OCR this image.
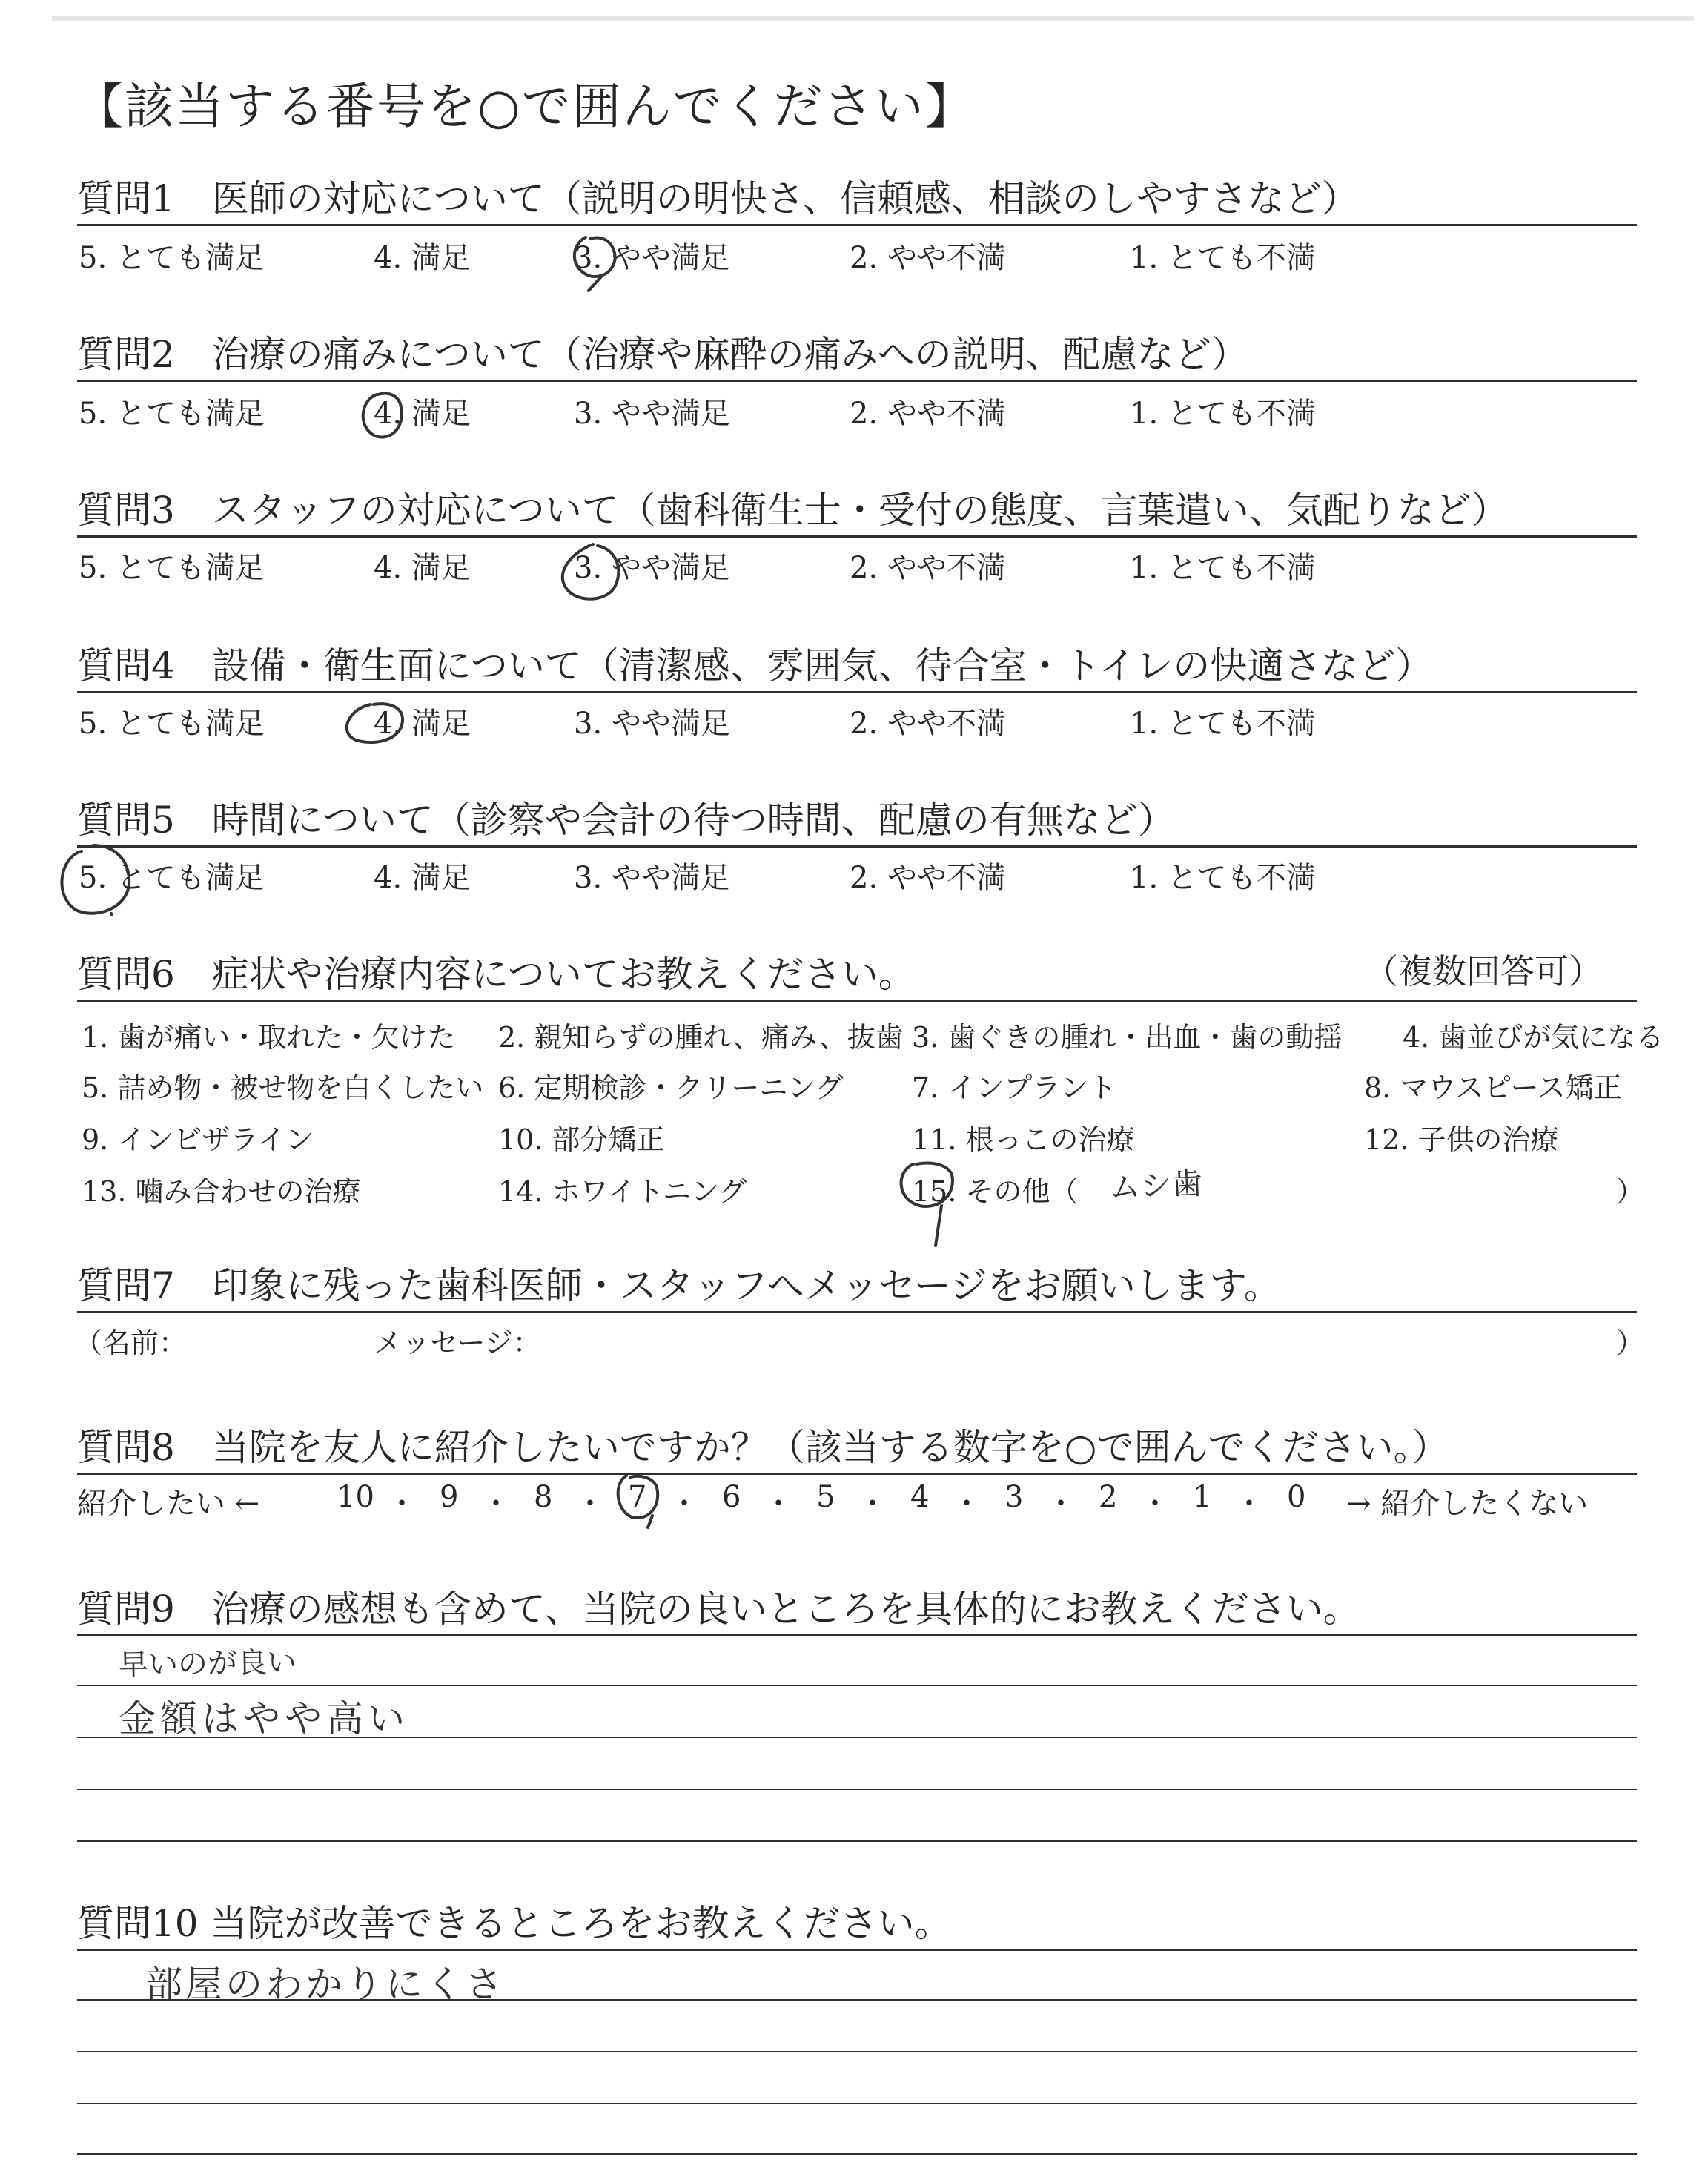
【該当する番号を○で囲んでください】
質問1　医師の対応について（説明の明快さ、信頼感、相談のしやすさなど）
5. とても満足	4. 満足	3. やや満足	2. やや不満	1. とても不満
質問2　治療の痛みについて（治療や麻酔の痛みへの説明、配慮など）
5. とても満足	4. 満足	3. やや満足	2. やや不満	1. とても不満
質問3　スタッフの対応について（歯科衛生士・受付の態度、言葉遣い、気配りなど）
5. とても満足	4. 満足	3. やや満足	2. やや不満	1. とても不満
質問4　設備・衛生面について（清潔感、雰囲気、待合室・トイレの快適さなど）
5. とても満足	4. 満足	3. やや満足	2. やや不満	1. とても不満
質問5　時間について（診察や会計の待つ時間、配慮の有無など）
5. とても満足	4. 満足	3. やや満足	2. やや不満	1. とても不満
質問6　症状や治療内容についてお教えください。	（複数回答可）
1. 歯が痛い・取れた・欠けた 2. 親知らずの腫れ、痛み、抜歯 3. 歯ぐきの腫れ・出血・歯の動揺 4. 歯並びが気になる
5. 詰め物・被せ物を白くしたい 6. 定期検診・クリーニング 7. インプラント	8. マウスピース矯正
9. インビザライン	10. 部分矯正	11. 根っこの治療	12. 子供の治療
13. 噛み合わせの治療	14. ホワイトニング	15. その他（ ムシ歯	）
質問7　印象に残った歯科医師・スタッフへメッセージをお願いします。
（名前：	メッセージ：	）
質問8　当院を友人に紹介したいですか？（該当する数字を○で囲んでください。）
紹介したい ←	→ 紹介したくない
10 ・ 9 ・ 8 ・ 7 ・ 6 ・ 5 ・ 4 ・ 3 ・ 2 ・ 1 ・ 0
質問9　治療の感想も含めて、当院の良いところを具体的にお教えください。
早いのが良い
金額はやや高い
質問10 当院が改善できるところをお教えください。
部屋のわかりにくさ
